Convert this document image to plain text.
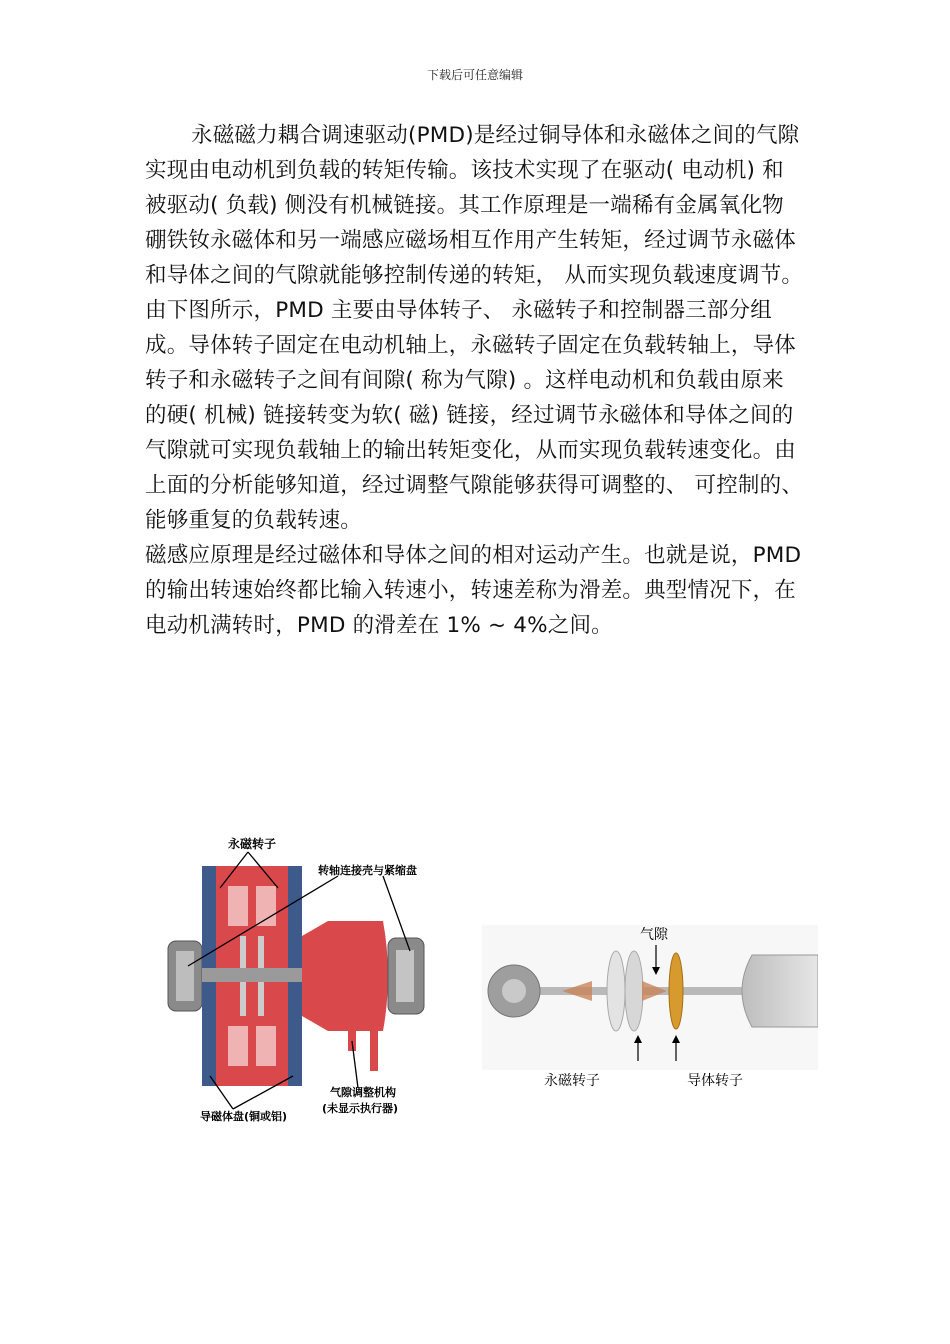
下载后可任意编辑

永磁磁力耦合调速驱动(PMD)是经过铜导体和永磁体之间的气隙实现由电动机到负载的转矩传输。该技术实现了在驱动( 电动机) 和被驱动( 负载) 侧没有机械链接。其工作原理是一端稀有金属氧化物硼铁钕永磁体和另一端感应磁场相互作用产生转矩，经过调节永磁体和导体之间的气隙就能够控制传递的转矩， 从而实现负载速度调节。

由下图所示，PMD 主要由导体转子、 永磁转子和控制器三部分组成。导体转子固定在电动机轴上，永磁转子固定在负载转轴上，导体转子和永磁转子之间有间隙( 称为气隙) 。这样电动机和负载由原来的硬( 机械) 链接转变为软( 磁) 链接，经过调节永磁体和导体之间的气隙就可实现负载轴上的输出转矩变化，从而实现负载转速变化。由上面的分析能够知道，经过调整气隙能够获得可调整的、 可控制的、 能够重复的负载转速。

磁感应原理是经过磁体和导体之间的相对运动产生。也就是说，PMD 的输出转速始终都比输入转速小，转速差称为滑差。典型情况下，在电动机满转时，PMD 的滑差在 1% ~ 4%之间。

永磁转子
转轴连接壳与紧缩盘
导磁体盘(铜或铝)
气隙调整机构
(未显示执行器)
气隙
永磁转子	导体转子
